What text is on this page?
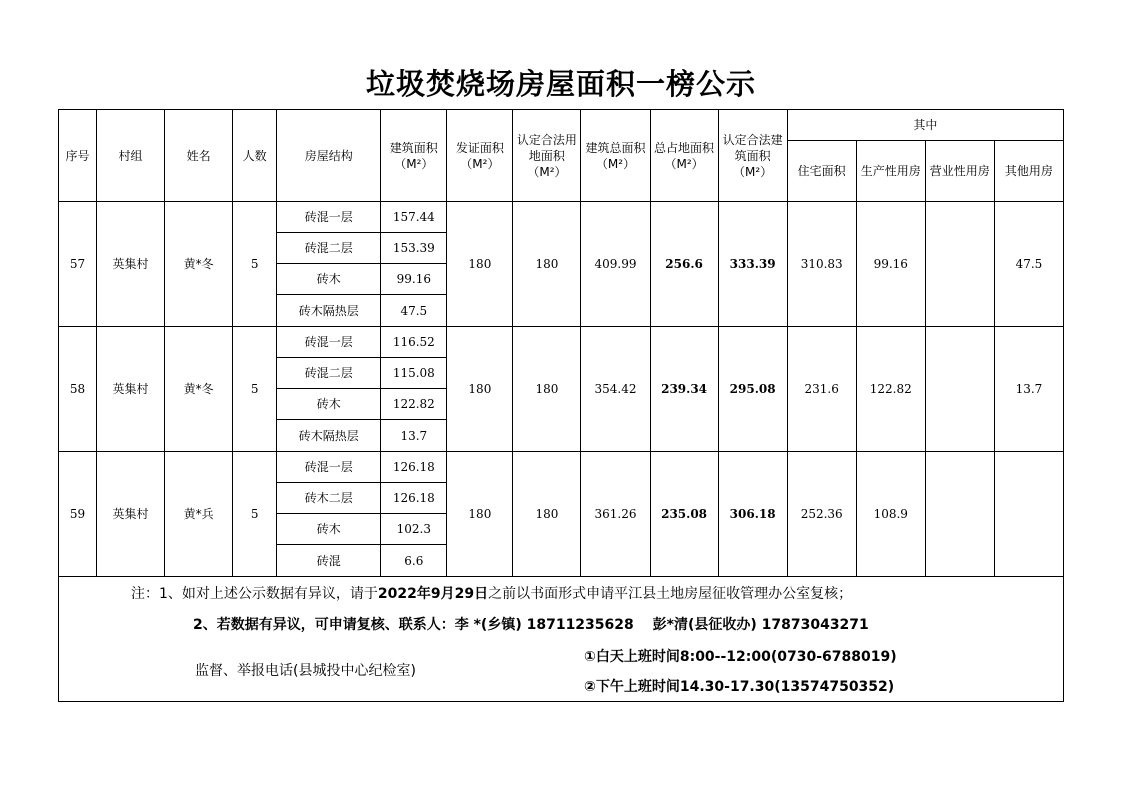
垃圾焚烧场房屋面积一榜公示
序号	村组	姓名	人数	房屋结构	建筑面积（M²）	发证面积（M²）	认定合法用地面积（M²）	建筑总面积（M²）	总占地面积（M²）	认定合法建筑面积（M²）	其中			
											住宅面积	生产性用房	营业性用房	其他用房
57	英集村	黄*冬	5	砖混一层	157.44	180	180	409.99	256.6	333.39	310.83	99.16		47.5
				砖混二层	153.39									
				砖木	99.16									
				砖木隔热层	47.5									
58	英集村	黄*冬	5	砖混一层	116.52	180	180	354.42	239.34	295.08	231.6	122.82		13.7
				砖混二层	115.08									
				砖木	122.82									
				砖木隔热层	13.7									
59	英集村	黄*兵	5	砖混一层	126.18	180	180	361.26	235.08	306.18	252.36	108.9		
				砖木二层	126.18									
				砖木	102.3									
				砖混	6.6									

注：1、如对上述公示数据有异议，请于2022年9月29日之前以书面形式申请平江县土地房屋征收管理办公室复核；
2、若数据有异议，可申请复核、联系人：李 *(乡镇) 18711235628　 彭*清(县征收办) 17873043271
监督、举报电话(县城投中心纪检室)
①白天上班时间8:00--12:00(0730-6788019)
②下午上班时间14.30-17.30(13574750352)														
